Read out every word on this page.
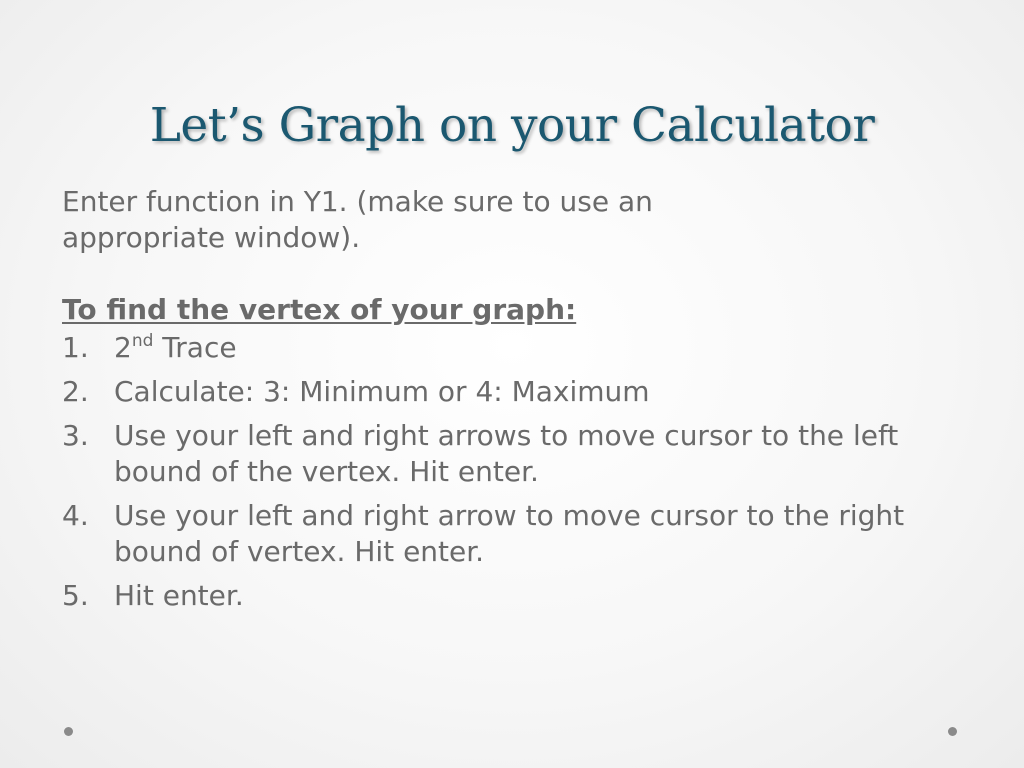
Let’s Graph on your Calculator

Enter function in Y1. (make sure to use an appropriate window).

To find the vertex of your graph:

1. 2nd Trace
2. Calculate: 3: Minimum or 4: Maximum
3. Use your left and right arrows to move cursor to the left bound of the vertex. Hit enter.
4. Use your left and right arrow to move cursor to the right bound of vertex. Hit enter.
5. Hit enter.
